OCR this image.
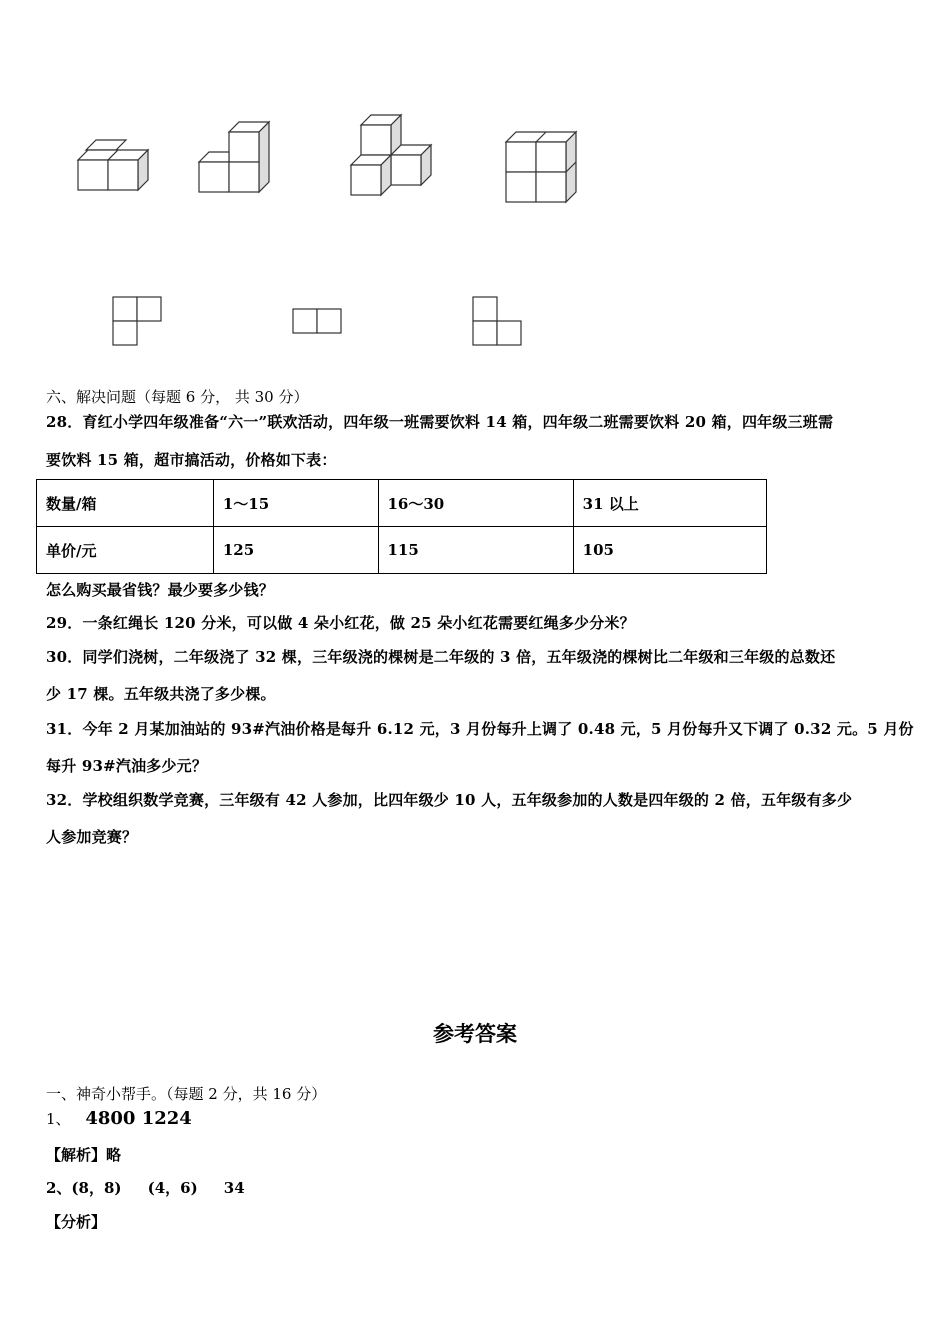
六、解决问题（每题 6 分， 共 30 分）
28．育红小学四年级准备“六一”联欢活动，四年级一班需要饮料 14 箱，四年级二班需要饮料 20 箱，四年级三班需
要饮料 15 箱，超市搞活动，价格如下表：
数量/箱	1～15	16～30	31 以上
单价/元	125	115	105
怎么购买最省钱？最少要多少钱？
29．一条红绳长 120 分米，可以做 4 朵小红花，做 25 朵小红花需要红绳多少分米？
30．同学们浇树，二年级浇了 32 棵，三年级浇的棵树是二年级的 3 倍，五年级浇的棵树比二年级和三年级的总数还
少 17 棵。五年级共浇了多少棵。
31．今年 2 月某加油站的 93#汽油价格是每升 6.12 元，3 月份每升上调了 0.48 元，5 月份每升又下调了 0.32 元。5 月份
每升 93#汽油多少元？
32．学校组织数学竞赛，三年级有 42 人参加，比四年级少 10 人，五年级参加的人数是四年级的 2 倍，五年级有多少
人参加竞赛？
参考答案
一、神奇小帮手。（每题 2 分，共 16 分）
1、 4800 1224
【解析】略
2、(8，8)     (4，6)     34
【分析】
